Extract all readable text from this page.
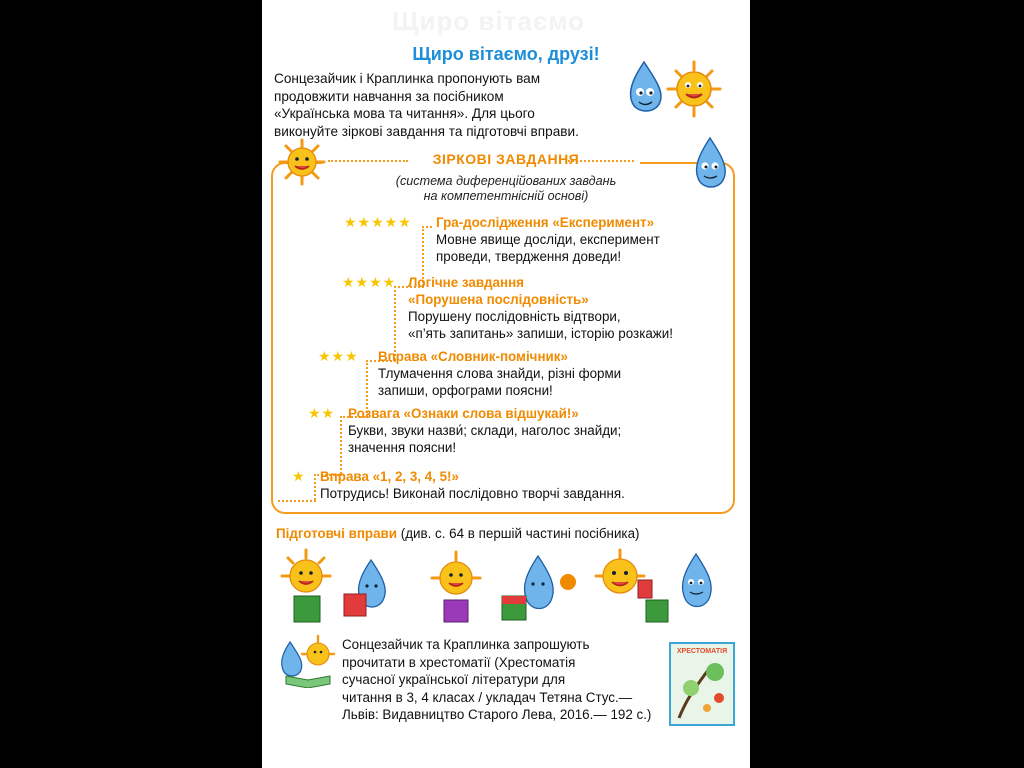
Щиро вітаємо
Щиро вітаємо, друзі!
Сонцезайчик і Краплинка пропонують вам
продовжити навчання за посібником
«Українська мова та читання». Для цього
виконуйте зіркові завдання та підготовчі вправи.
ЗІРКОВІ ЗАВДАННЯ
(система диференційованих завдань
на компетентнісній основі)
★★★★★ Гра-дослідження «Експеримент»
Мовне явище досліди, експеримент
проведи, твердження доведи!
★★★★ Логічне завдання
«Порушена послідовність»
Порушену послідовність відтвори,
«п’ять запитань» запиши, історію розкажи!
★★★ Вправа «Словник-помічник»
Тлумачення слова знайди, різні форми
запиши, орфограми поясни!
★★ Розвага «Ознаки слова відшукай!»
Букви, звуки назви́; склади, наголос знайди;
значення поясни!
★ Вправа «1, 2, 3, 4, 5!»
Потрудись! Виконай послідовно творчі завдання.
Підготовчі вправи (див. с. 64 в першій частині посібника)
Сонцезайчик та Краплинка запрошують
прочитати в хрестоматії (Хрестоматія
сучасної української літератури для
читання в 3, 4 класах / укладач Тетяна Стус.—
Львів: Видавництво Старого Лева, 2016.— 192 с.)
ХРЕСТОМАТІЯ
